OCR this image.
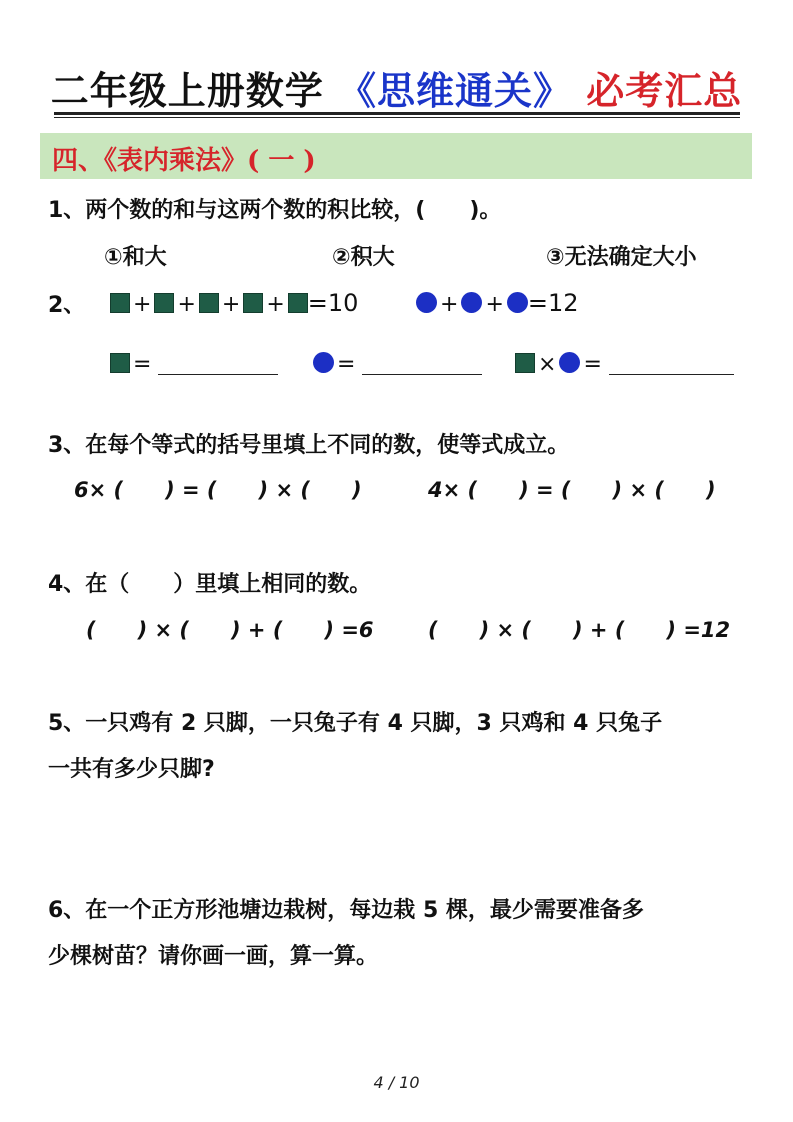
二年级上册数学 《思维通关》 必考汇总
四、《表内乘法》( 一 )
1、两个数的和与这两个数的积比较，(　　)。
①和大	②积大	③无法确定大小
2、	+ + + + =10	+ + =12
=	=	× =
3、在每个等式的括号里填上不同的数，使等式成立。
6× (　　) = (　　) × (　　)	4× (　　) = (　　) × (　　)
4、在（　　）里填上相同的数。
(　　) × (　　) + (　　) =6	(　　) × (　　) + (　　) =12
5、一只鸡有 2 只脚，一只兔子有 4 只脚，3 只鸡和 4 只兔子
一共有多少只脚?
6、在一个正方形池塘边栽树，每边栽 5 棵，最少需要准备多
少棵树苗？请你画一画，算一算。
4 / 10
